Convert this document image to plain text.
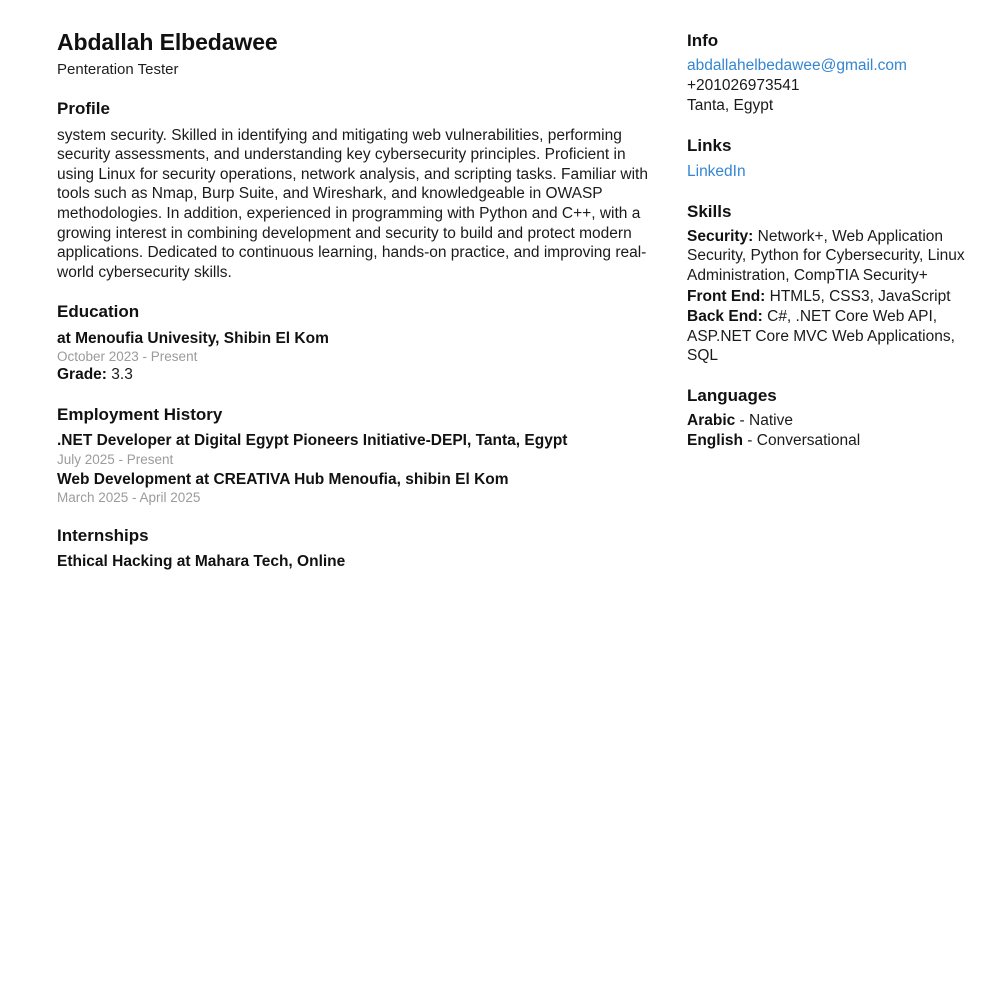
Abdallah Elbedawee
Penteration Tester
Profile

system security. Skilled in identifying and mitigating web vulnerabilities, performing security assessments, and understanding key cybersecurity principles. Proficient in using Linux for security operations, network analysis, and scripting tasks. Familiar with tools such as Nmap, Burp Suite, and Wireshark, and knowledgeable in OWASP methodologies. In addition, experienced in programming with Python and C++, with a growing interest in combining development and security to build and protect modern applications. Dedicated to continuous learning, hands-on practice, and improving real-world cybersecurity skills.

Education
at Menoufia Univesity, Shibin El Kom
October 2023 - Present
Grade: 3.3
Employment History
.NET Developer at Digital Egypt Pioneers Initiative-DEPI, Tanta, Egypt
July 2025 - Present
Web Development at CREATIVA Hub Menoufia, shibin El Kom
March 2025 - April 2025
Internships
Ethical Hacking at Mahara Tech, Online
Info
abdallahelbedawee@gmail.com
+201026973541
Tanta, Egypt
Links
LinkedIn
Skills

Security: Network+, Web Application Security, Python for Cybersecurity, Linux Administration, CompTIA Security+

Front End: HTML5, CSS3, JavaScript

Back End: C#, .NET Core Web API, ASP.NET Core MVC Web Applications, SQL

Languages

Arabic - Native

English - Conversational
